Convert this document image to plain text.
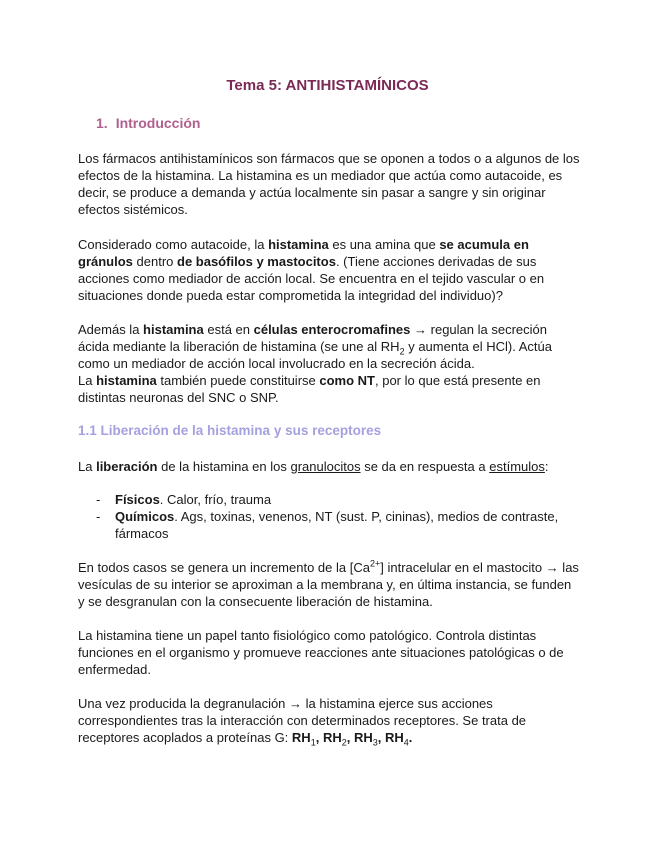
Tema 5: ANTIHISTAMÍNICOS
1. Introducción
Los fármacos antihistamínicos son fármacos que se oponen a todos o a algunos de los efectos de la histamina. La histamina es un mediador que actúa como autacoide, es decir, se produce a demanda y actúa localmente sin pasar a sangre y sin originar efectos sistémicos.
Considerado como autacoide, la histamina es una amina que se acumula en gránulos dentro de basófilos y mastocitos. (Tiene acciones derivadas de sus acciones como mediador de acción local. Se encuentra en el tejido vascular o en situaciones donde pueda estar comprometida la integridad del individuo)?
Además la histamina está en células enterocromafines → regulan la secreción ácida mediante la liberación de histamina (se une al $RH_2$ y aumenta el HCl). Actúa como un mediador de acción local involucrado en la secreción ácida.
La histamina también puede constituirse como NT, por lo que está presente en distintas neuronas del SNC o SNP.
1.1 Liberación de la histamina y sus receptores
La liberación de la histamina en los granulocitos se da en respuesta a estímulos:
- Físicos. Calor, frío, trauma
- Químicos. Ags, toxinas, venenos, NT (sust. P, cininas), medios de contraste, fármacos
En todos casos se genera un incremento de la $[Ca^{2+}]$ intracelular en el mastocito → las vesículas de su interior se aproximan a la membrana y, en última instancia, se funden y se desgranulan con la consecuente liberación de histamina.
La histamina tiene un papel tanto fisiológico como patológico. Controla distintas funciones en el organismo y promueve reacciones ante situaciones patológicas o de enfermedad.
Una vez producida la degranulación → la histamina ejerce sus acciones correspondientes tras la interacción con determinados receptores. Se trata de receptores acoplados a proteínas G: $RH_1$, $RH_2$, $RH_3$, $RH_4$.
